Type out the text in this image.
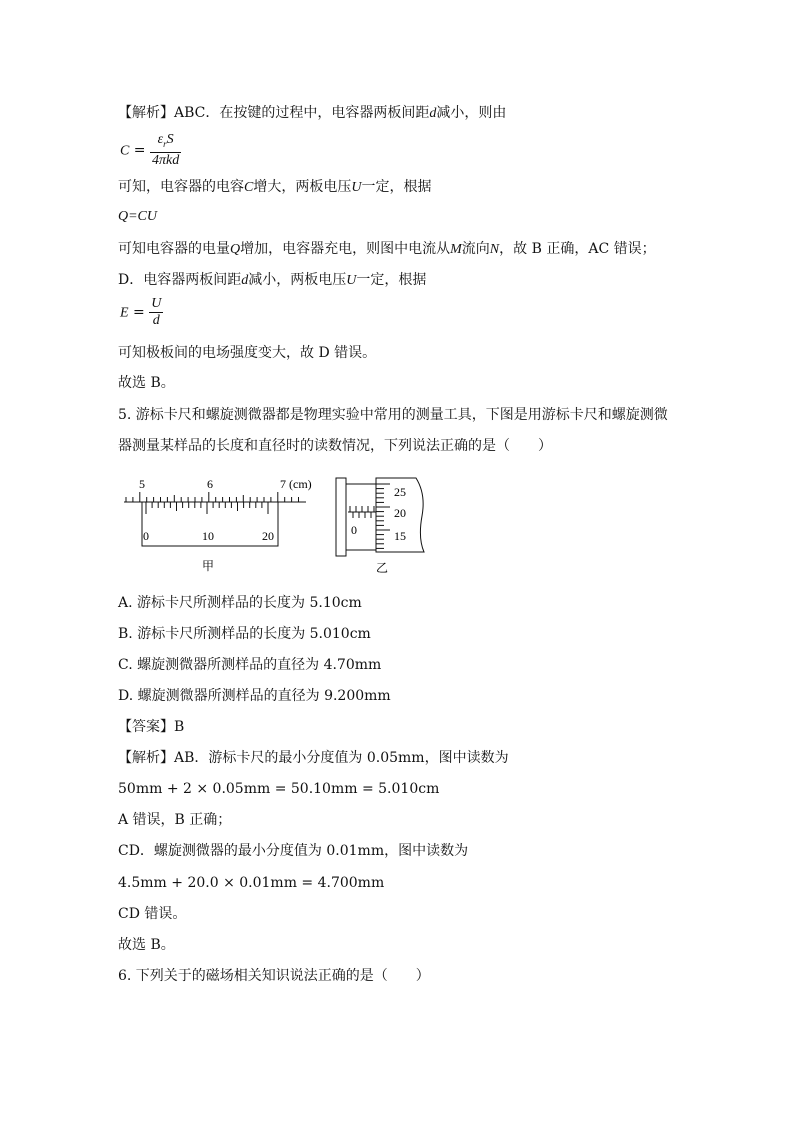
【解析】ABC．在按键的过程中，电容器两板间距d减小，则由
$C = \frac{\varepsilon_rS}{\text{4πkd}}$
可知，电容器的电容C增大，两板电压U一定，根据
Q=CU
可知电容器的电量Q增加，电容器充电，则图中电流从M流向N，故 B 正确，AC 错误；
D．电容器两板间距d减小，两板电压U一定，根据
$E = \frac{U}{d}$
可知极板间的电场强度变大，故 D 错误。
故选 B。
5. 游标卡尺和螺旋测微器都是物理实验中常用的测量工具，下图是用游标卡尺和螺旋测微
器测量某样品的长度和直径时的读数情况，下列说法正确的是（　　）
5	6	7 (cm)
0	10	20
甲
0
25
20
15
乙
A. 游标卡尺所测样品的长度为 5.10cm
B. 游标卡尺所测样品的长度为 5.010cm
C. 螺旋测微器所测样品的直径为 4.70mm
D. 螺旋测微器所测样品的直径为 9.200mm
【答案】B
【解析】AB．游标卡尺的最小分度值为 0.05mm，图中读数为
50mm + 2 × 0.05mm = 50.10mm = 5.010cm
A 错误，B 正确；
CD．螺旋测微器的最小分度值为 0.01mm，图中读数为
4.5mm + 20.0 × 0.01mm = 4.700mm
CD 错误。
故选 B。
6. 下列关于的磁场相关知识说法正确的是（　　）
